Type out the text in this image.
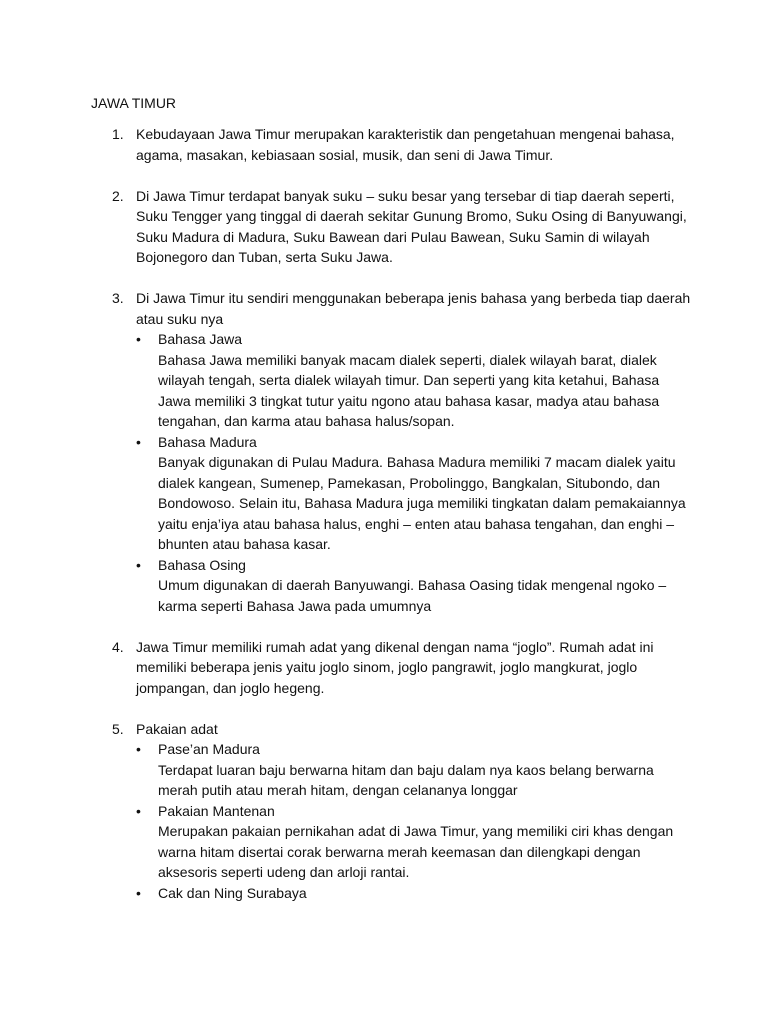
JAWA TIMUR
1. Kebudayaan Jawa Timur merupakan karakteristik dan pengetahuan mengenai bahasa, agama, masakan, kebiasaan sosial, musik, dan seni di Jawa Timur.

2. Di Jawa Timur terdapat banyak suku – suku besar yang tersebar di tiap daerah seperti, Suku Tengger yang tinggal di daerah sekitar Gunung Bromo, Suku Osing di Banyuwangi, Suku Madura di Madura, Suku Bawean dari Pulau Bawean, Suku Samin di wilayah Bojonegoro dan Tuban, serta Suku Jawa.

3. Di Jawa Timur itu sendiri menggunakan beberapa jenis bahasa yang berbeda tiap daerah atau suku nya

• Bahasa Jawa
Bahasa Jawa memiliki banyak macam dialek seperti, dialek wilayah barat, dialek wilayah tengah, serta dialek wilayah timur. Dan seperti yang kita ketahui, Bahasa Jawa memiliki 3 tingkat tutur yaitu ngono atau bahasa kasar, madya atau bahasa tengahan, dan karma atau bahasa halus/sopan.
• Bahasa Madura
Banyak digunakan di Pulau Madura. Bahasa Madura memiliki 7 macam dialek yaitu dialek kangean, Sumenep, Pamekasan, Probolinggo, Bangkalan, Situbondo, dan Bondowoso. Selain itu, Bahasa Madura juga memiliki tingkatan dalam pemakaiannya yaitu enja’iya atau bahasa halus, enghi – enten atau bahasa tengahan, dan enghi – bhunten atau bahasa kasar.
• Bahasa Osing
Umum digunakan di daerah Banyuwangi. Bahasa Oasing tidak mengenal ngoko – karma seperti Bahasa Jawa pada umumnya
4. Jawa Timur memiliki rumah adat yang dikenal dengan nama “joglo”. Rumah adat ini memiliki beberapa jenis yaitu joglo sinom, joglo pangrawit, joglo mangkurat, joglo jompangan, dan joglo hegeng.

5. Pakaian adat

• Pase’an Madura
Terdapat luaran baju berwarna hitam dan baju dalam nya kaos belang berwarna merah putih atau merah hitam, dengan celananya longgar
• Pakaian Mantenan
Merupakan pakaian pernikahan adat di Jawa Timur, yang memiliki ciri khas dengan warna hitam disertai corak berwarna merah keemasan dan dilengkapi dengan aksesoris seperti udeng dan arloji rantai.
• Cak dan Ning Surabaya
